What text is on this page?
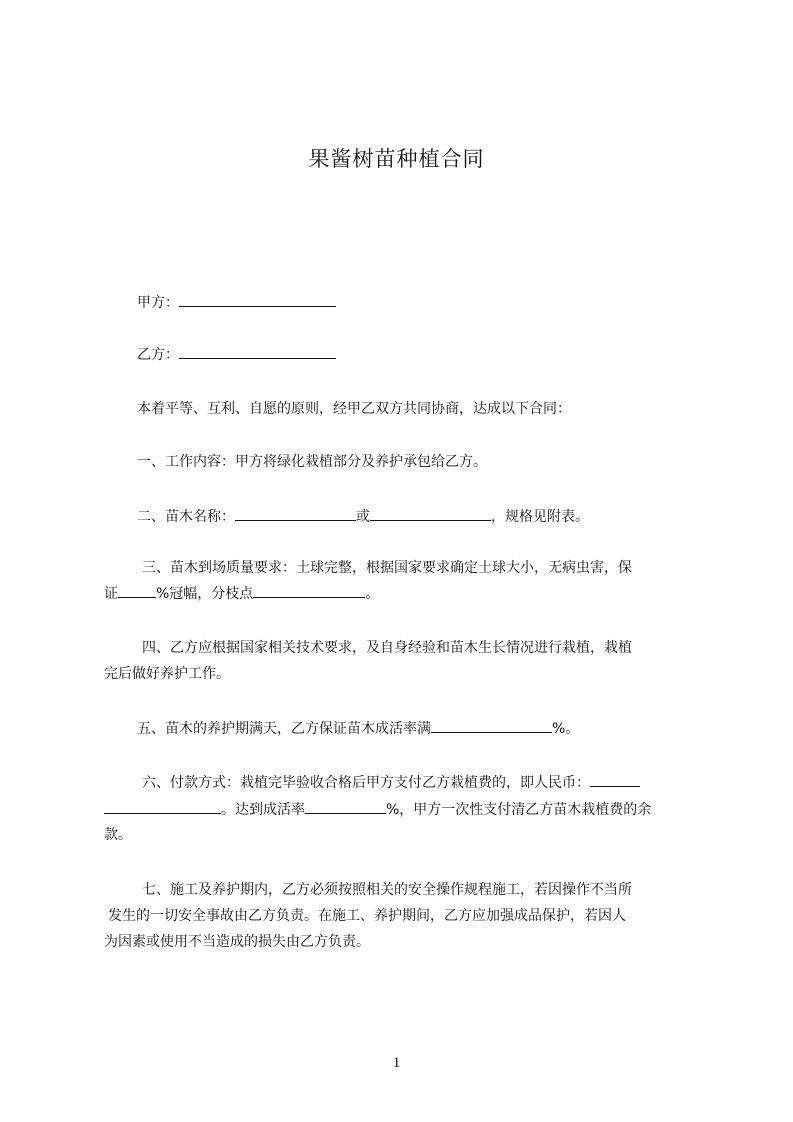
果酱树苗种植合同

甲方：

乙方：

本着平等、互利、自愿的原则，经甲乙双方共同协商，达成以下合同：

一、工作内容：甲方将绿化栽植部分及养护承包给乙方。

二、苗木名称：	或	，规格见附表。

三、苗木到场质量要求：土球完整，根据国家要求确定土球大小，无病虫害，保

证	%冠幅，分枝点	。

四、乙方应根据国家相关技术要求，及自身经验和苗木生长情况进行栽植，栽植

完后做好养护工作。

五、苗木的养护期满天，乙方保证苗木成活率满	%。

六、付款方式：栽植完毕验收合格后甲方支付乙方栽植费的，即人民币：

。达到成活率	%，甲方一次性支付清乙方苗木栽植费的余

款。

七、施工及养护期内，乙方必须按照相关的安全操作规程施工，若因操作不当所

发生的一切安全事故由乙方负责。在施工、养护期间，乙方应加强成品保护，若因人

为因素或使用不当造成的损失由乙方负责。

1
